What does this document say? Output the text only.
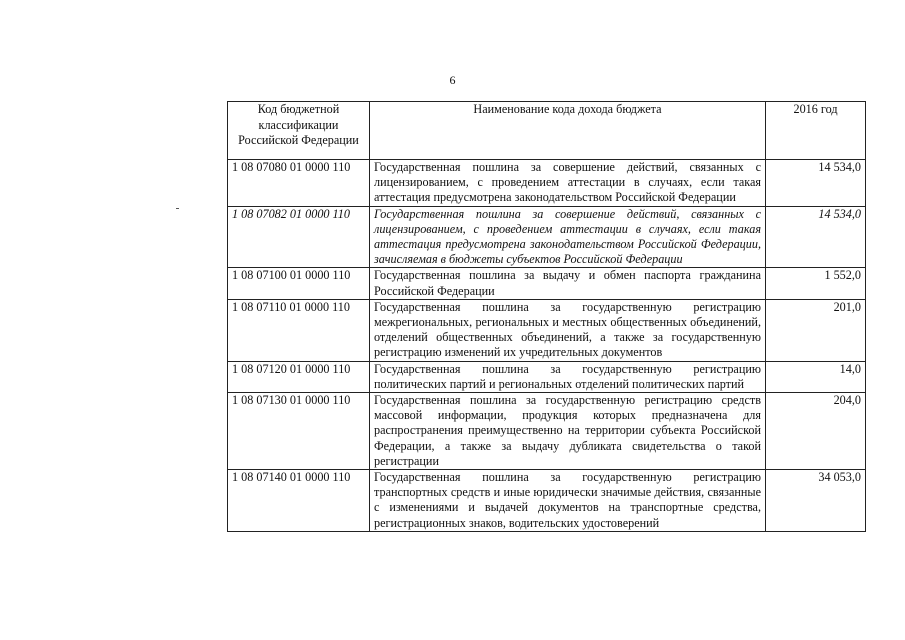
6
Код бюджетной классификации Российской Федерации	Наименование кода дохода бюджета	2016 год
1 08 07080 01 0000 110	Государственная пошлина за совершение действий, связанных с лицензированием, с проведением аттестации в случаях, если такая аттестация предусмотрена законодательством Российской Федерации	14 534,0
1 08 07082 01 0000 110	Государственная пошлина за совершение действий, связанных с лицензированием, с проведением аттестации в случаях, если такая аттестация предусмотрена законодательством Российской Федерации, зачисляемая в бюджеты субъектов Российской Федерации	14 534,0
1 08 07100 01 0000 110	Государственная пошлина за выдачу и обмен паспорта гражданина Российской Федерации	1 552,0
1 08 07110 01 0000 110	Государственная пошлина за государственную регистрацию межрегиональных, региональных и местных общественных объединений, отделений общественных объединений, а также за государственную регистрацию изменений их учредительных документов	201,0
1 08 07120 01 0000 110	Государственная пошлина за государственную регистрацию политических партий и региональных отделений политических партий	14,0
1 08 07130 01 0000 110	Государственная пошлина за государственную регистрацию средств массовой информации, продукция которых предназначена для распространения преимущественно на территории субъекта Российской Федерации, а также за выдачу дубликата свидетельства о такой регистрации	204,0
1 08 07140 01 0000 110	Государственная пошлина за государственную регистрацию транспортных средств и иные юридически значимые действия, связанные с изменениями и выдачей документов на транспортные средства, регистрационных знаков, водительских удостоверений	34 053,0
